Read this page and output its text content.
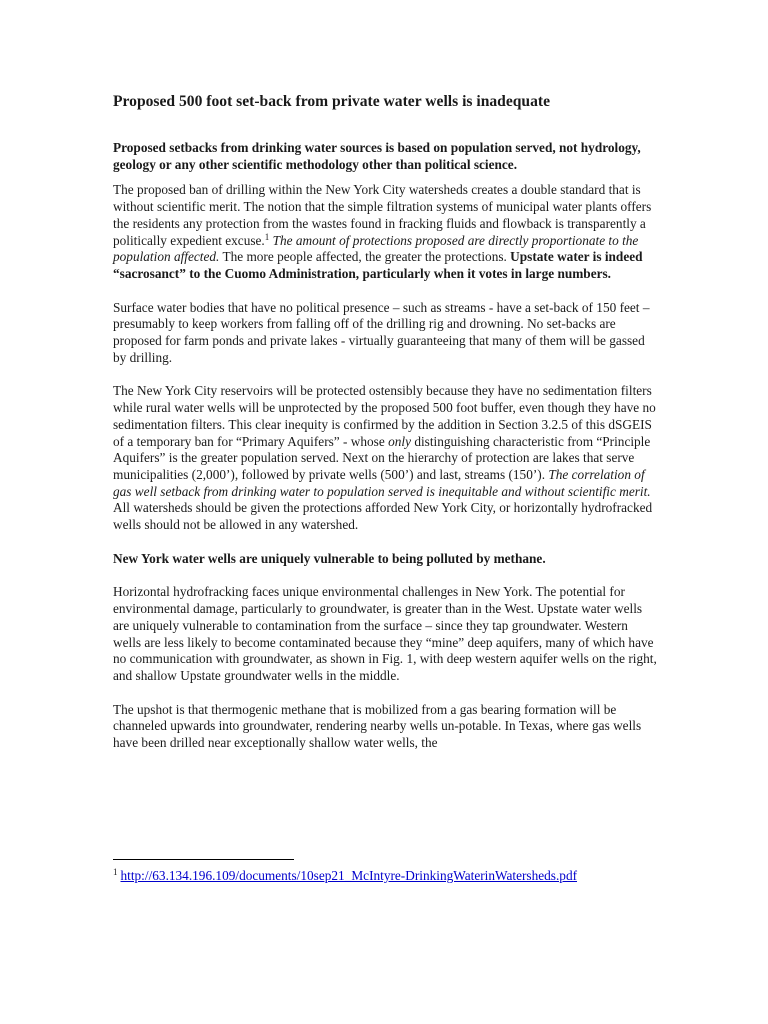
Proposed 500 foot set-back from private water wells is inadequate
Proposed setbacks from drinking water sources is based on population served, not hydrology, geology or any other scientific methodology other than political science.

The proposed ban of drilling within the New York City watersheds creates a double standard that is without scientific merit. The notion that the simple filtration systems of municipal water plants offers the residents any protection from the wastes found in fracking fluids and flowback is transparently a politically expedient excuse.$^1$ The amount of protections proposed are directly proportionate to the population affected. The more people affected, the greater the protections. Upstate water is indeed “sacrosanct” to the Cuomo Administration, particularly when it votes in large numbers.

Surface water bodies that have no political presence – such as streams - have a set-back of 150 feet – presumably to keep workers from falling off of the drilling rig and drowning. No set-backs are proposed for farm ponds and private lakes - virtually guaranteeing that many of them will be gassed by drilling.

The New York City reservoirs will be protected ostensibly because they have no sedimentation filters while rural water wells will be unprotected by the proposed 500 foot buffer, even though they have no sedimentation filters. This clear inequity is confirmed by the addition in Section 3.2.5 of this dSGEIS of a temporary ban for “Primary Aquifers” - whose only distinguishing characteristic from “Principle Aquifers” is the greater population served. Next on the hierarchy of protection are lakes that serve municipalities (2,000’), followed by private wells (500’) and last, streams (150’). The correlation of gas well setback from drinking water to population served is inequitable and without scientific merit. All watersheds should be given the protections afforded New York City, or horizontally hydrofracked wells should not be allowed in any watershed.

New York water wells are uniquely vulnerable to being polluted by methane.

Horizontal hydrofracking faces unique environmental challenges in New York. The potential for environmental damage, particularly to groundwater, is greater than in the West. Upstate water wells are uniquely vulnerable to contamination from the surface – since they tap groundwater. Western wells are less likely to become contaminated because they “mine” deep aquifers, many of which have no communication with groundwater, as shown in Fig. 1, with deep western aquifer wells on the right, and shallow Upstate groundwater wells in the middle.

The upshot is that thermogenic methane that is mobilized from a gas bearing formation will be channeled upwards into groundwater, rendering nearby wells un-potable. In Texas, where gas wells have been drilled near exceptionally shallow water wells, the

$^1$ http://63.134.196.109/documents/10sep21_McIntyre-DrinkingWaterinWatersheds.pdf
